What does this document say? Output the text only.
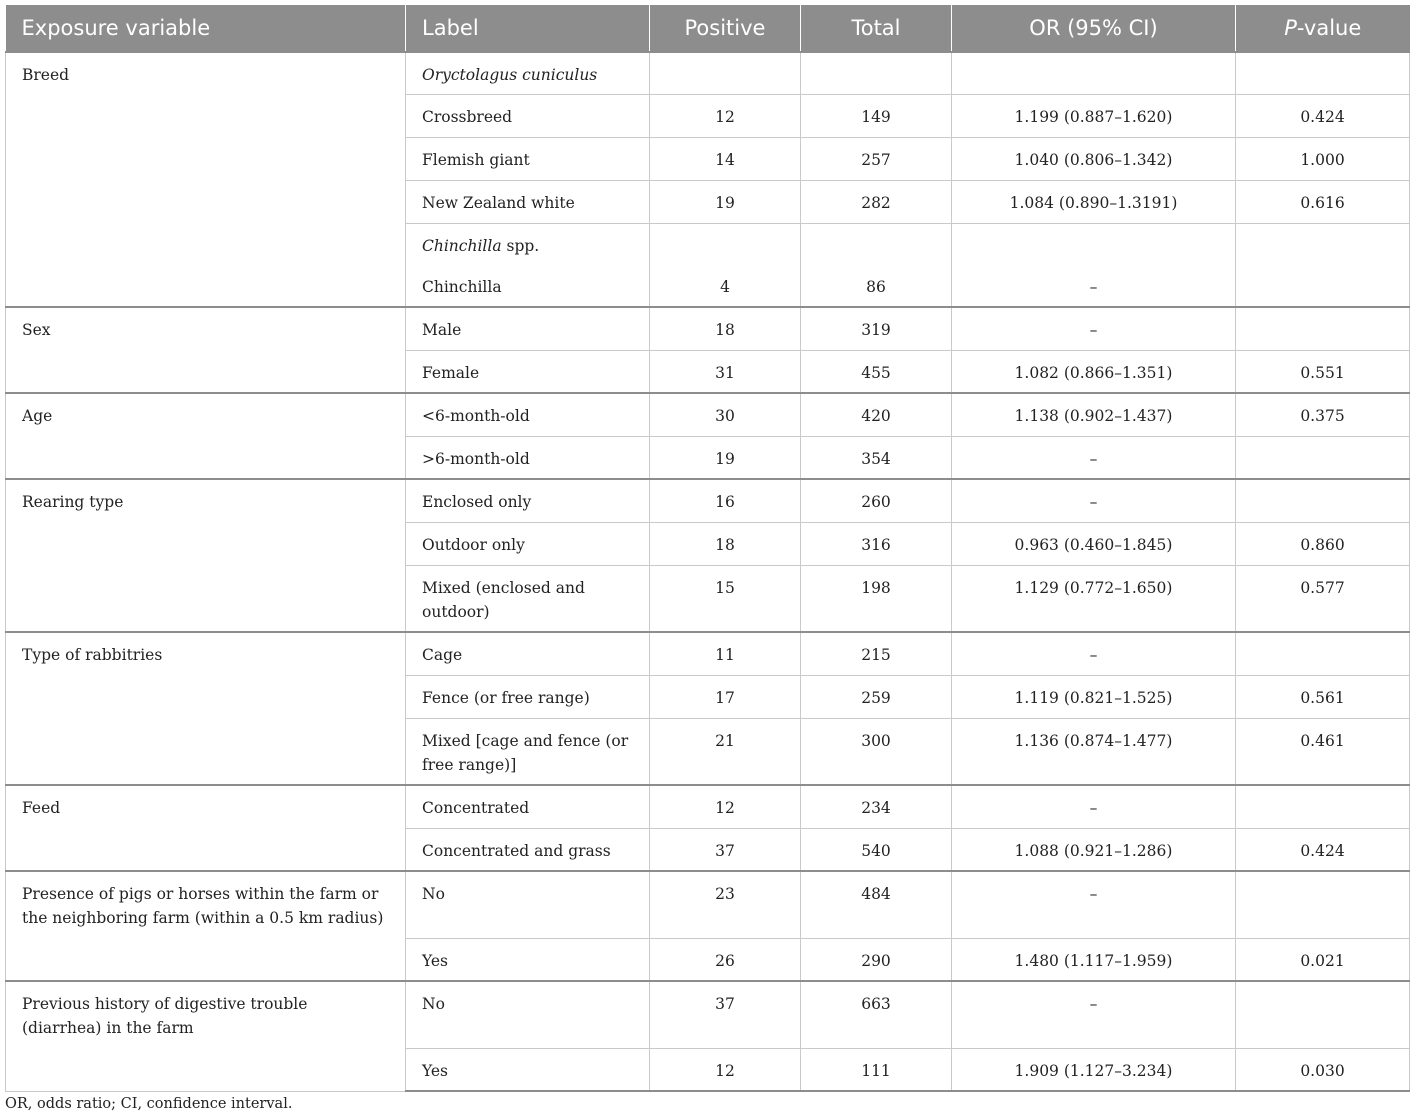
Exposure variable	Label	Positive	Total	OR (95% CI)	P-value
Breed	Oryctolagus cuniculus				
	Crossbreed	12	149	1.199 (0.887–1.620)	0.424
	Flemish giant	14	257	1.040 (0.806–1.342)	1.000
	New Zealand white	19	282	1.084 (0.890–1.3191)	0.616
	Chinchilla spp.				
	Chinchilla	4	86	–	
Sex	Male	18	319	–	
	Female	31	455	1.082 (0.866–1.351)	0.551
Age	<6-month-old	30	420	1.138 (0.902–1.437)	0.375
	>6-month-old	19	354	–	
Rearing type	Enclosed only	16	260	–	
	Outdoor only	18	316	0.963 (0.460–1.845)	0.860
	Mixed (enclosed and outdoor)	15	198	1.129 (0.772–1.650)	0.577
Type of rabbitries	Cage	11	215	–	
	Fence (or free range)	17	259	1.119 (0.821–1.525)	0.561
	Mixed [cage and fence (or free range)]	21	300	1.136 (0.874–1.477)	0.461
Feed	Concentrated	12	234	–	
	Concentrated and grass	37	540	1.088 (0.921–1.286)	0.424
Presence of pigs or horses within the farm or the neighboring farm (within a 0.5 km radius)	No	23	484	–	
	Yes	26	290	1.480 (1.117–1.959)	0.021
Previous history of digestive trouble (diarrhea) in the farm	No	37	663	–	
	Yes	12	111	1.909 (1.127–3.234)	0.030
OR, odds ratio; CI, confidence interval.
